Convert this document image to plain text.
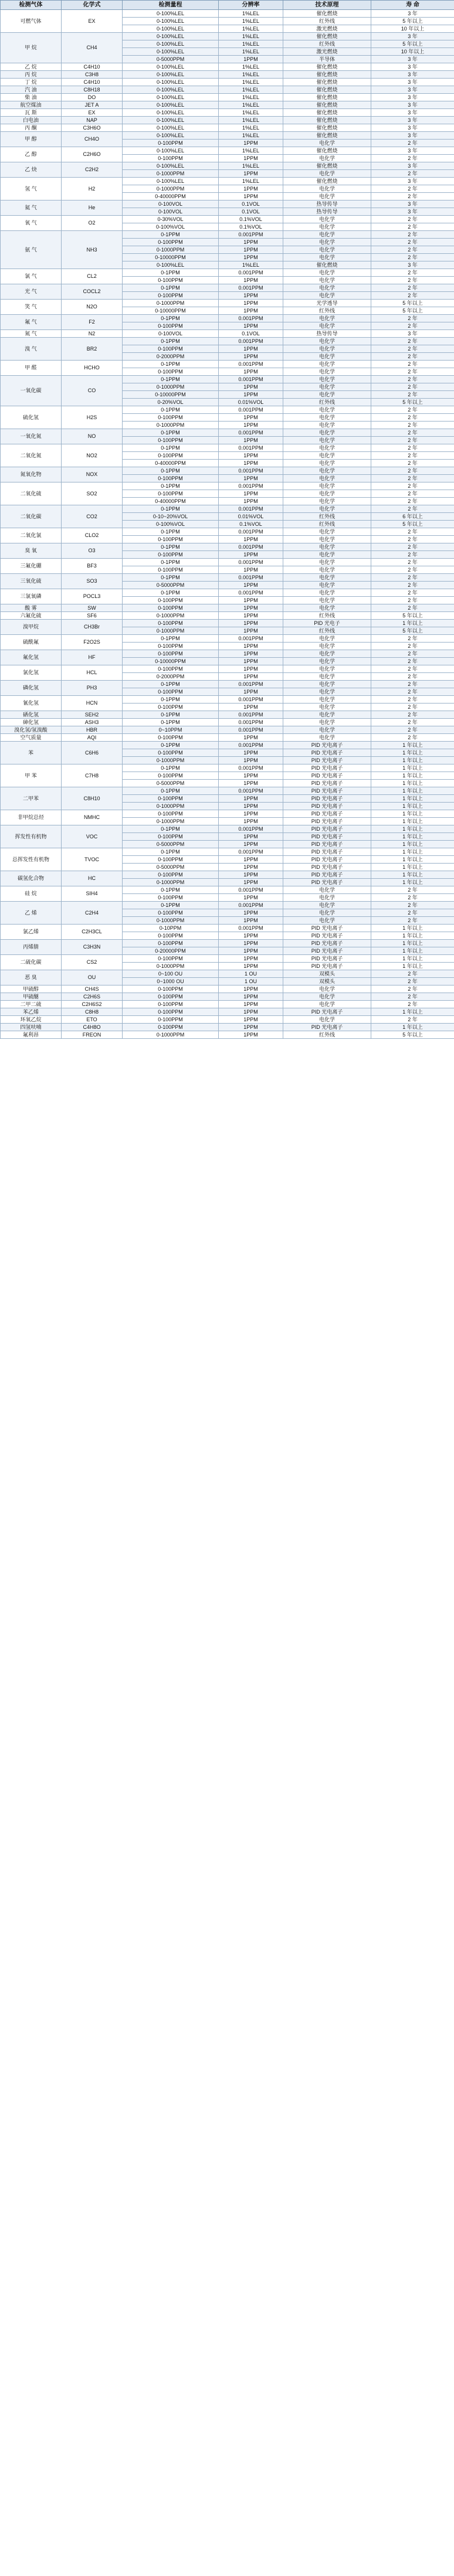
检测气体	化学式	检测量程	分辨率	技术原理	寿 命
可燃气体	EX	0-100%LEL	1%LEL	催化燃烧	3 年
		0-100%LEL	1%LEL	红外线	5 年以上
		0-100%LEL	1%LEL	激光燃烧	10 年以上
甲 烷	CH4	0-100%LEL	1%LEL	催化燃烧	3 年
		0-100%LEL	1%LEL	红外线	5 年以上
		0-100%LEL	1%LEL	激光燃烧	10 年以上
		0-5000PPM	1PPM	半导体	3 年
乙 烷	C4H10	0-100%LEL	1%LEL	催化燃烧	3 年
丙 烷	C3H8	0-100%LEL	1%LEL	催化燃烧	3 年
丁 烷	C4H10	0-100%LEL	1%LEL	催化燃烧	3 年
汽 油	C8H18	0-100%LEL	1%LEL	催化燃烧	3 年
柴 油	DO	0-100%LEL	1%LEL	催化燃烧	3 年
航空煤油	JET A	0-100%LEL	1%LEL	催化燃烧	3 年
瓦 斯	EX	0-100%LEL	1%LEL	催化燃烧	3 年
白电油	NAP	0-100%LEL	1%LEL	催化燃烧	3 年
丙 酮	C3H6O	0-100%LEL	1%LEL	催化燃烧	3 年
甲 醇	CH4O	0-100%LEL	1%LEL	催化燃烧	3 年
		0-100PPM	1PPM	电化学	2 年
乙 醇	C2H6O	0-100%LEL	1%LEL	催化燃烧	3 年
		0-100PPM	1PPM	电化学	2 年
乙 炔	C2H2	0-100%LEL	1%LEL	催化燃烧	3 年
		0-1000PPM	1PPM	电化学	2 年
氢 气	H2	0-100%LEL	1%LEL	催化燃烧	3 年
		0-1000PPM	1PPM	电化学	2 年
		0-40000PPM	1PPM	电化学	2 年
氦 气	He	0-100VOL	0.1VOL	热导传导	3 年
		0-100VOL	0.1VOL	热导传导	3 年
氧 气	O2	0-30%VOL	0.1%VOL	电化学	2 年
		0-100%VOL	0.1%VOL	电化学	2 年
氨 气	NH3	0-1PPM	0.001PPM	电化学	2 年
		0-100PPM	1PPM	电化学	2 年
		0-1000PPM	1PPM	电化学	2 年
		0-10000PPM	1PPM	电化学	2 年
		0-100%LEL	1%LEL	催化燃烧	3 年
氯 气	CL2	0-1PPM	0.001PPM	电化学	2 年
		0-100PPM	1PPM	电化学	2 年
光 气	COCL2	0-1PPM	0.001PPM	电化学	2 年
		0-100PPM	1PPM	电化学	2 年
笑 气	N2O	0-1000PPM	1PPM	光学透导	5 年以上
		0-10000PPM	1PPM	红外线	5 年以上
氟 气	F2	0-1PPM	0.001PPM	电化学	2 年
		0-100PPM	1PPM	电化学	2 年
氮 气	N2	0-100VOL	0.1VOL	热导传导	3 年
溴 气	BR2	0-1PPM	0.001PPM	电化学	2 年
		0-100PPM	1PPM	电化学	2 年
		0-2000PPM	1PPM	电化学	2 年
甲 醛	HCHO	0-1PPM	0.001PPM	电化学	2 年
		0-100PPM	1PPM	电化学	2 年
一氧化碳	CO	0-1PPM	0.001PPM	电化学	2 年
		0-1000PPM	1PPM	电化学	2 年
		0-10000PPM	1PPM	电化学	2 年
		0-20%VOL	0.01%VOL	红外线	5 年以上
硫化氢	H2S	0-1PPM	0.001PPM	电化学	2 年
		0-100PPM	1PPM	电化学	2 年
		0-1000PPM	1PPM	电化学	2 年
一氧化氮	NO	0-1PPM	0.001PPM	电化学	2 年
		0-100PPM	1PPM	电化学	2 年
二氧化氮	NO2	0-1PPM	0.001PPM	电化学	2 年
		0-100PPM	1PPM	电化学	2 年
		0-40000PPM	1PPM	电化学	2 年
氮氧化物	NOX	0-1PPM	0.001PPM	电化学	2 年
		0-100PPM	1PPM	电化学	2 年
二氧化硫	SO2	0-1PPM	0.001PPM	电化学	2 年
		0-100PPM	1PPM	电化学	2 年
		0-40000PPM	1PPM	电化学	2 年
二氧化碳	CO2	0-1PPM	0.001PPM	电化学	2 年
		0-10~20%VOL	0.01%VOL	红外线	6 年以上
		0-100%VOL	0.1%VOL	红外线	5 年以上
二氧化氯	CLO2	0-1PPM	0.001PPM	电化学	2 年
		0-100PPM	1PPM	电化学	2 年
臭 氧	O3	0-1PPM	0.001PPM	电化学	2 年
		0-100PPM	1PPM	电化学	2 年
三氟化硼	BF3	0-1PPM	0.001PPM	电化学	2 年
		0-100PPM	1PPM	电化学	2 年
三氧化硫	SO3	0-1PPM	0.001PPM	电化学	2 年
		0-5000PPM	1PPM	电化学	2 年
三氯氧磷	POCL3	0-1PPM	0.001PPM	电化学	2 年
		0-100PPM	1PPM	电化学	2 年
酸 雾	SW	0-100PPM	1PPM	电化学	2 年
六氟化硫	SF6	0-1000PPM	1PPM	红外线	5 年以上
溴甲烷	CH3Br	0-100PPM	1PPM	PID 光电子	1 年以上
		0-1000PPM	1PPM	红外线	5 年以上
硫酰氟	F2O2S	0-1PPM	0.001PPM	电化学	2 年
		0-100PPM	1PPM	电化学	2 年
氟化氢	HF	0-100PPM	1PPM	电化学	2 年
		0-10000PPM	1PPM	电化学	2 年
氯化氢	HCL	0-100PPM	1PPM	电化学	2 年
		0-2000PPM	1PPM	电化学	2 年
磷化氢	PH3	0-1PPM	0.001PPM	电化学	2 年
		0-100PPM	1PPM	电化学	2 年
氰化氢	HCN	0-1PPM	0.001PPM	电化学	2 年
		0-100PPM	1PPM	电化学	2 年
硒化氢	SEH2	0-1PPM	0.001PPM	电化学	2 年
砷化氢	ASH3	0-1PPM	0.001PPM	电化学	2 年
溴化氢/氢溴酸	HBR	0~10PPM	0.001PPM	电化学	2 年
空气质量	AQI	0-100PPM	1PPM	电化学	2 年
苯	C6H6	0-1PPM	0.001PPM	PID 光电离子	1 年以上
		0-100PPM	1PPM	PID 光电离子	1 年以上
		0-1000PPM	1PPM	PID 光电离子	1 年以上
甲 苯	C7H8	0-1PPM	0.001PPM	PID 光电离子	1 年以上
		0-100PPM	1PPM	PID 光电离子	1 年以上
		0-5000PPM	1PPM	PID 光电离子	1 年以上
二甲苯	C8H10	0-1PPM	0.001PPM	PID 光电离子	1 年以上
		0-100PPM	1PPM	PID 光电离子	1 年以上
		0-1000PPM	1PPM	PID 光电离子	1 年以上
非甲烷总烃	NMHC	0-100PPM	1PPM	PID 光电离子	1 年以上
		0-1000PPM	1PPM	PID 光电离子	1 年以上
挥发性有机物	VOC	0-1PPM	0.001PPM	PID 光电离子	1 年以上
		0-100PPM	1PPM	PID 光电离子	1 年以上
		0-5000PPM	1PPM	PID 光电离子	1 年以上
总挥发性有机物	TVOC	0-1PPM	0.001PPM	PID 光电离子	1 年以上
		0-100PPM	1PPM	PID 光电离子	1 年以上
		0-5000PPM	1PPM	PID 光电离子	1 年以上
碳氢化合物	HC	0-100PPM	1PPM	PID 光电离子	1 年以上
		0-1000PPM	1PPM	PID 光电离子	1 年以上
硅 烷	SIH4	0-1PPM	0.001PPM	电化学	2 年
		0-100PPM	1PPM	电化学	2 年
乙 烯	C2H4	0-1PPM	0.001PPM	电化学	2 年
		0-100PPM	1PPM	电化学	2 年
		0-1000PPM	1PPM	电化学	2 年
氯乙烯	C2H3CL	0-10PPM	0.001PPM	PID 光电离子	1 年以上
		0-100PPM	1PPM	PID 光电离子	1 年以上
丙烯腈	C3H3N	0-100PPM	1PPM	PID 光电离子	1 年以上
		0-20000PPM	1PPM	PID 光电离子	1 年以上
二硫化碳	CS2	0-100PPM	1PPM	PID 光电离子	1 年以上
		0-1000PPM	1PPM	PID 光电离子	1 年以上
恶 臭	OU	0~100 OU	1 OU	双模头	2 年
		0~1000 OU	1 OU	双模头	2 年
甲硫醇	CH4S	0-100PPM	1PPM	电化学	2 年
甲硫醚	C2H6S	0-100PPM	1PPM	电化学	2 年
二甲二硫	C2H6S2	0-100PPM	1PPM	电化学	2 年
苯乙烯	C8H8	0-100PPM	1PPM	PID 光电离子	1 年以上
环氧乙烷	ETO	0-100PPM	1PPM	电化学	2 年
四氢呋喃	C4H8O	0-100PPM	1PPM	PID 光电离子	1 年以上
氟利昂	FREON	0-1000PPM	1PPM	红外线	5 年以上
